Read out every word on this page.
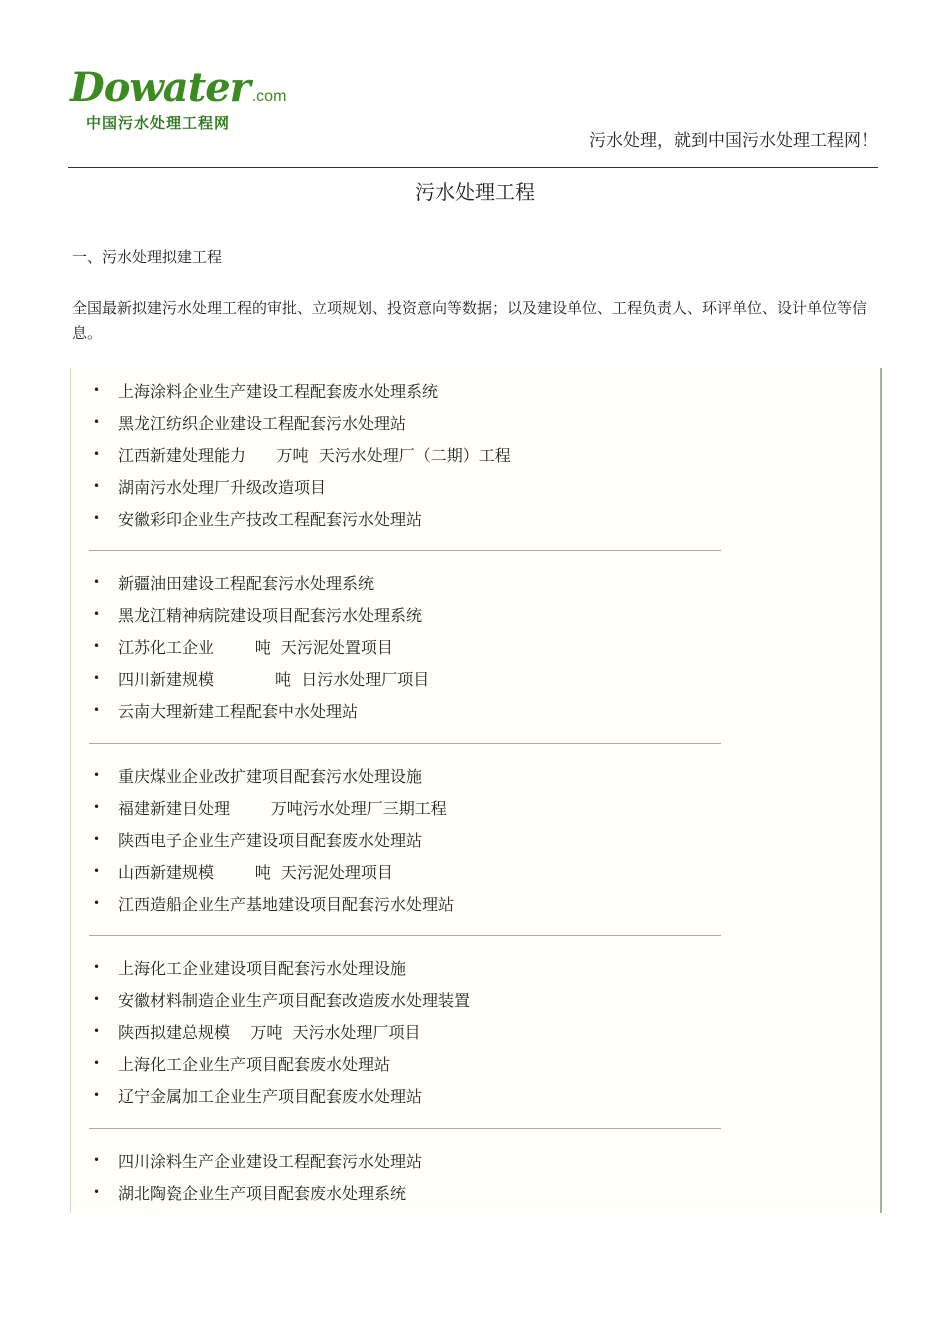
Dowater .com
中国污水处理工程网
污水处理，就到中国污水处理工程网！
污水处理工程
一、污水处理拟建工程
全国最新拟建污水处理工程的审批、立项规划、投资意向等数据；以及建设单位、工程负责人、环评单位、设计单位等信息。
•	上海涂料企业生产建设工程配套废水处理系统
•	黑龙江纺织企业建设工程配套污水处理站
•	江西新建处理能力      万吨  天污水处理厂（二期）工程
•	湖南污水处理厂升级改造项目
•	安徽彩印企业生产技改工程配套污水处理站
•	新疆油田建设工程配套污水处理系统
•	黑龙江精神病院建设项目配套污水处理系统
•	江苏化工企业        吨  天污泥处置项目
•	四川新建规模            吨  日污水处理厂项目
•	云南大理新建工程配套中水处理站
•	重庆煤业企业改扩建项目配套污水处理设施
•	福建新建日处理        万吨污水处理厂三期工程
•	陕西电子企业生产建设项目配套废水处理站
•	山西新建规模        吨  天污泥处理项目
•	江西造船企业生产基地建设项目配套污水处理站
•	上海化工企业建设项目配套污水处理设施
•	安徽材料制造企业生产项目配套改造废水处理装置
•	陕西拟建总规模    万吨  天污水处理厂项目
•	上海化工企业生产项目配套废水处理站
•	辽宁金属加工企业生产项目配套废水处理站
•	四川涂料生产企业建设工程配套污水处理站
•	湖北陶瓷企业生产项目配套废水处理系统
